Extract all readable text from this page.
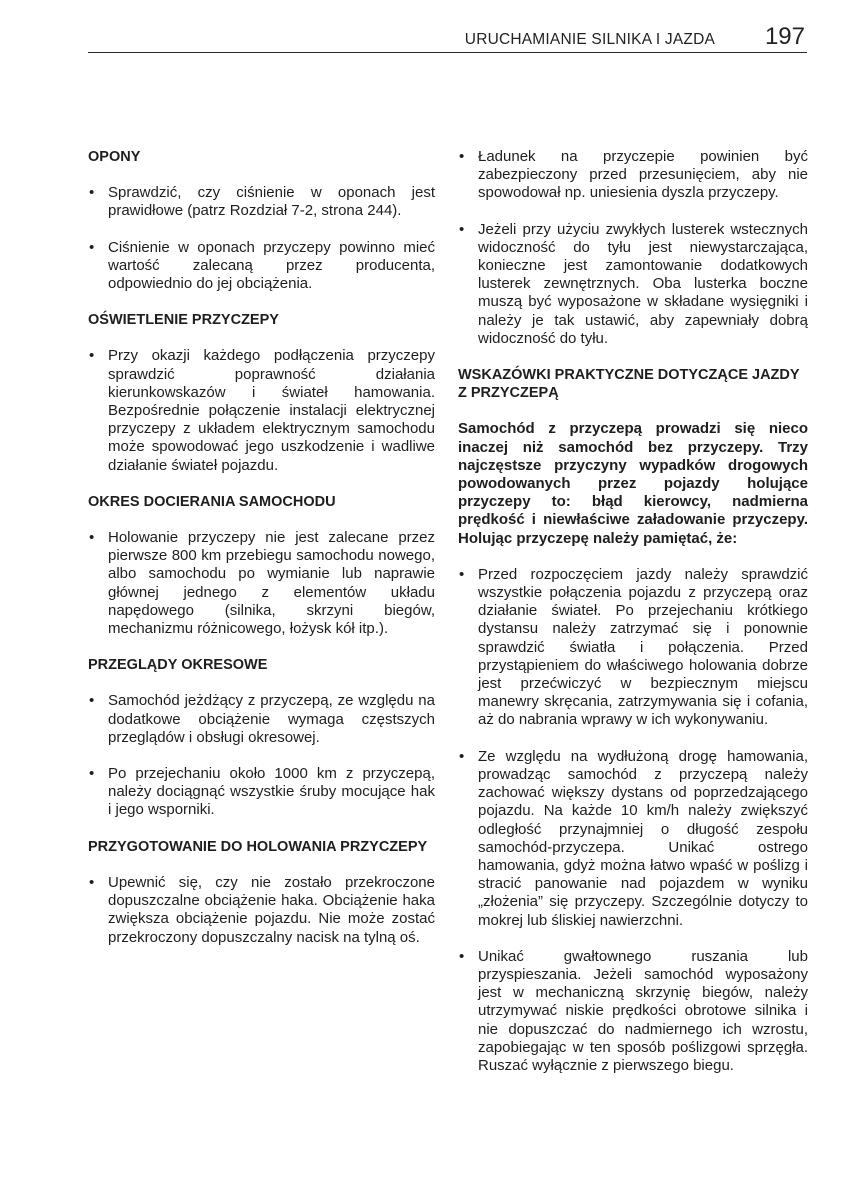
URUCHAMIANIE SILNIKA I JAZDA 197
OPONY
• Sprawdzić, czy ciśnienie w oponach jest prawidłowe (patrz Rozdział 7-2, strona 244).
• Ciśnienie w oponach przyczepy powinno mieć wartość zalecaną przez producenta, odpowiednio do jej obciążenia.
OŚWIETLENIE PRZYCZEPY
• Przy okazji każdego podłączenia przyczepy sprawdzić poprawność działania kierunkowskazów i świateł hamowania. Bezpośrednie połączenie instalacji elektrycznej przyczepy z układem elektrycznym samochodu może spowodować jego uszkodzenie i wadliwe działanie świateł pojazdu.
OKRES DOCIERANIA SAMOCHODU
• Holowanie przyczepy nie jest zalecane przez pierwsze 800 km przebiegu samochodu nowego, albo samochodu po wymianie lub naprawie głównej jednego z elementów układu napędowego (silnika, skrzyni biegów, mechanizmu różnicowego, łożysk kół itp.).
PRZEGLĄDY OKRESOWE
• Samochód jeżdżący z przyczepą, ze względu na dodatkowe obciążenie wymaga częstszych przeglądów i obsługi okresowej.
• Po przejechaniu około 1000 km z przyczepą, należy dociągnąć wszystkie śruby mocujące hak i jego wsporniki.
PRZYGOTOWANIE DO HOLOWANIA PRZYCZEPY
• Upewnić się, czy nie zostało przekroczone dopuszczalne obciążenie haka. Obciążenie haka zwiększa obciążenie pojazdu. Nie może zostać przekroczony dopuszczalny nacisk na tylną oś.
• Ładunek na przyczepie powinien być zabezpieczony przed przesunięciem, aby nie spowodował np. uniesienia dyszla przyczepy.
• Jeżeli przy użyciu zwykłych lusterek wstecznych widoczność do tyłu jest niewystarczająca, konieczne jest zamontowanie dodatkowych lusterek zewnętrznych. Oba lusterka boczne muszą być wyposażone w składane wysięgniki i należy je tak ustawić, aby zapewniały dobrą widoczność do tyłu.
WSKAZÓWKI PRAKTYCZNE DOTYCZĄCE JAZDY Z PRZYCZEPĄ

Samochód z przyczepą prowadzi się nieco inaczej niż samochód bez przyczepy. Trzy najczęstsze przyczyny wypadków drogowych powodowanych przez pojazdy holujące przyczepy to: błąd kierowcy, nadmierna prędkość i niewłaściwe załadowanie przyczepy. Holując przyczepę należy pamiętać, że:

• Przed rozpoczęciem jazdy należy sprawdzić wszystkie połączenia pojazdu z przyczepą oraz działanie świateł. Po przejechaniu krótkiego dystansu należy zatrzymać się i ponownie sprawdzić światła i połączenia. Przed przystąpieniem do właściwego holowania dobrze jest przećwiczyć w bezpiecznym miejscu manewry skręcania, zatrzymywania się i cofania, aż do nabrania wprawy w ich wykonywaniu.
• Ze względu na wydłużoną drogę hamowania, prowadząc samochód z przyczepą należy zachować większy dystans od poprzedzającego pojazdu. Na każde 10 km/h należy zwiększyć odległość przynajmniej o długość zespołu samochód-przyczepa. Unikać ostrego hamowania, gdyż można łatwo wpaść w poślizg i stracić panowanie nad pojazdem w wyniku „złożenia” się przyczepy. Szczególnie dotyczy to mokrej lub śliskiej nawierzchni.
• Unikać gwałtownego ruszania lub przyspieszania. Jeżeli samochód wyposażony jest w mechaniczną skrzynię biegów, należy utrzymywać niskie prędkości obrotowe silnika i nie dopuszczać do nadmiernego ich wzrostu, zapobiegając w ten sposób poślizgowi sprzęgła. Ruszać wyłącznie z pierwszego biegu.
